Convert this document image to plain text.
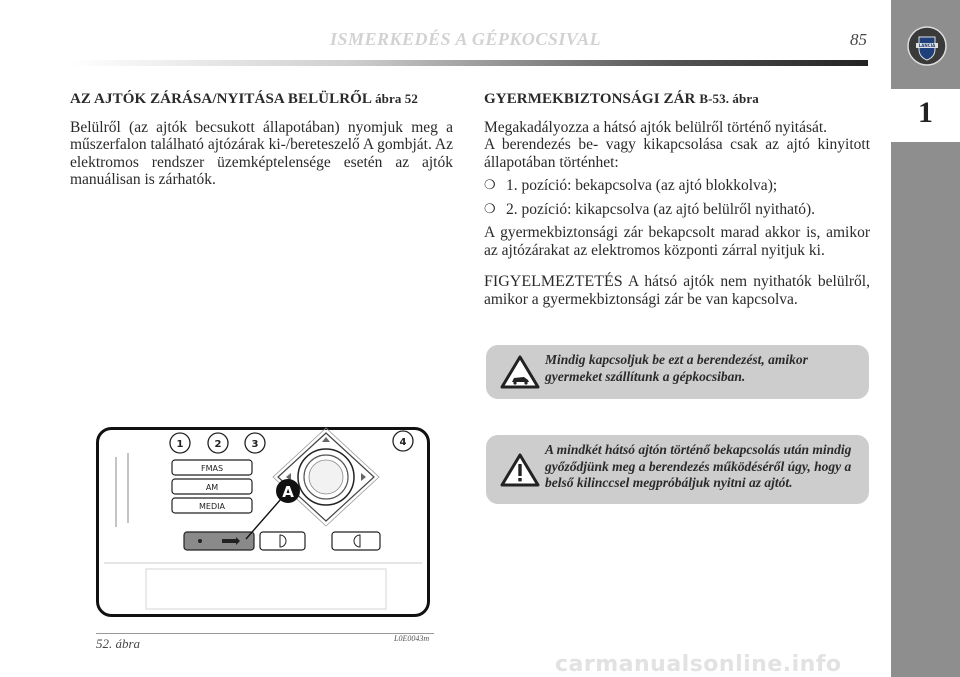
ISMERKEDÉS A GÉPKOCSIVAL	85	LANCIA
1
AZ AJTÓK ZÁRÁSA/NYITÁSA BELÜLRŐL ábra 52

Belülről (az ajtók becsukott állapotában) nyomjuk meg a műszerfalon található ajtózárak ki-/bereteszelő A gombját. Az elektromos rendszer üzemképtelensége esetén az ajtók manuálisan is zárhatók.

GYERMEKBIZTONSÁGI ZÁR B-53. ábra

Megakadályozza a hátsó ajtók belülről történő nyitását.

A berendezés be- vagy kikapcsolása csak az ajtó kinyitott állapotában történhet:

❍ 1. pozíció: bekapcsolva (az ajtó blokkolva);
❍ 2. pozíció: kikapcsolva (az ajtó belülről nyitható).

A gyermekbiztonsági zár bekapcsolt marad akkor is, amikor az ajtózárakat az elektromos központi zárral nyitjuk ki.

FIGYELMEZTETÉS A hátsó ajtók nem nyithatók belülről, amikor a gyermekbiztonsági zár be van kapcsolva.

Mindig kapcsoljuk be ezt a berendezést, amikor gyermeket szállítunk a gépkocsiban.
A mindkét hátsó ajtón történő bekapcsolás után mindig győződjünk meg a berendezés működéséről úgy, hogy a belső kilinccsel megpróbáljuk nyitni az ajtót.
1	2	3	4
FMAS
AM
MEDIA
A
52. ábra	L0E0043m
carmanualsonline.info
